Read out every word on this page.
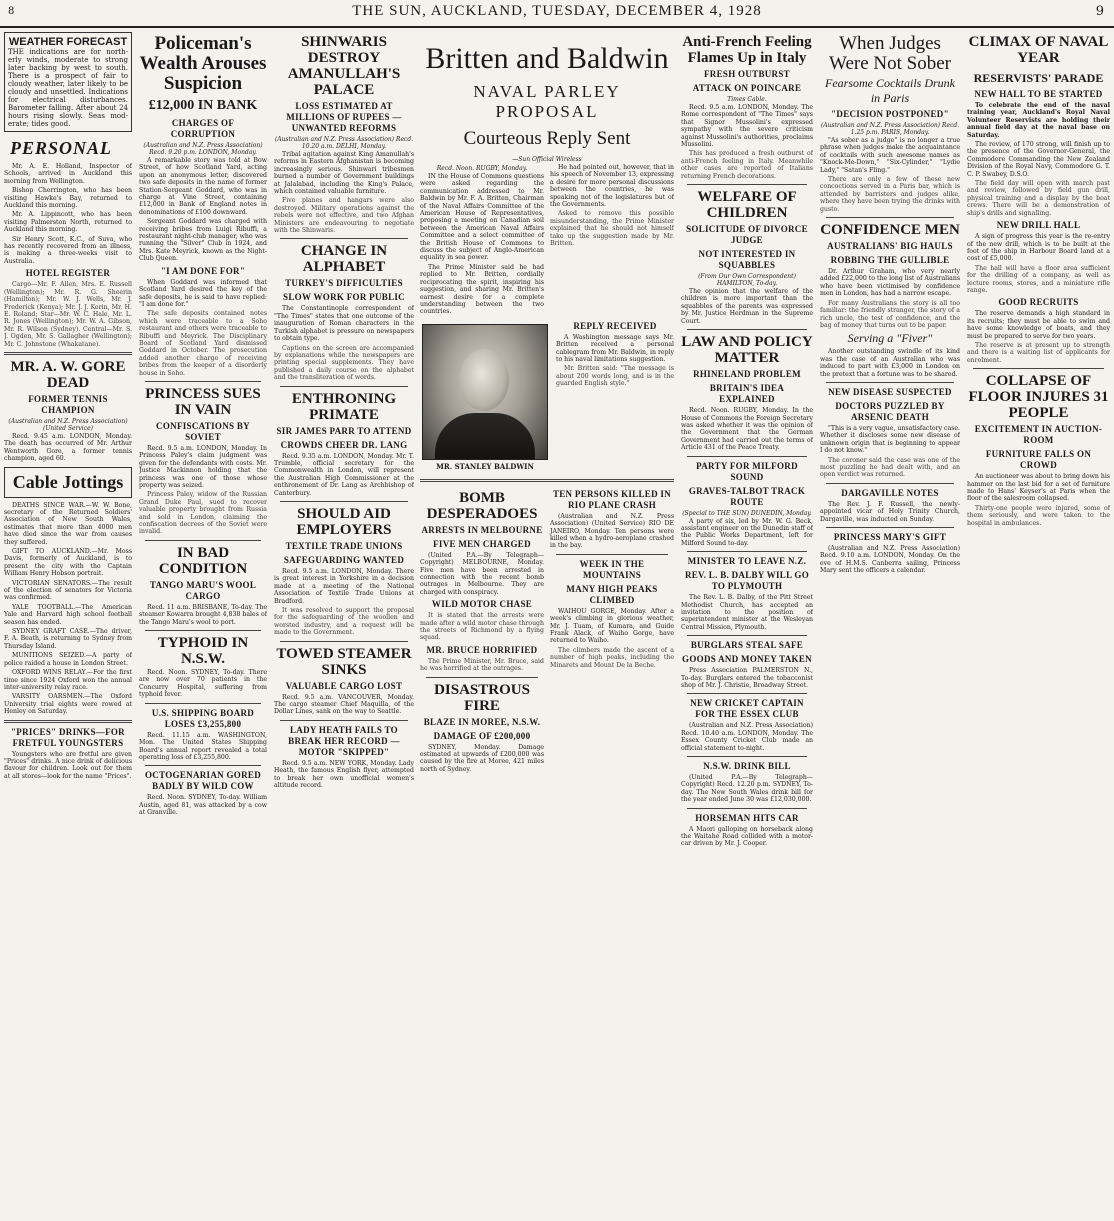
8	THE SUN, AUCKLAND, TUESDAY, DECEMBER 4, 1928	9
WEATHER FORECAST
THE indications are for north-erly winds, moderate to strong later backing by west to south. There is a prospect of fair to cloudy weather, later likely to be cloudy and unsettled. Indications for electrical disturbances. Barometer falling. After about 24 hours rising slowly. Seas mod-erate; tides good.
PERSONAL

Mr. A. E. Holland, Inspector of Schools, arrived in Auckland this morning from Wellington.

Bishop Cherrington, who has been visiting Hawke's Bay, returned to Auckland this morning.

Mr. A. Lippincott, who has been visiting Palmerston North, returned to Auckland this morning.

Sir Henry Scott, K.C., of Suva, who has recently recovered from an illness, is making a three-weeks visit to Australia.

HOTEL REGISTER

Cargo—Mr. F. Allen, Mrs. E. Russell (Wellington); Mr. R. G. Sheerin (Hamilton); Mr. W. J. Wells, Mr. J. Frederick (Kenya); Mr. J. J. Kerin, Mr. H. E. Roland; Star—Mr. W. C. Hale, Mr. L. R. Jones (Wellington); Mr. W. A. Gibson, Mr. R. Wilson (Sydney). Central—Mr. S. J. Ogden, Mr. S. Gallagher (Wellington); Mr. C. Johnstone (Whakatane).

MR. A. W. GORE DEAD
FORMER TENNIS CHAMPION
(Australian and N.Z. Press Association) (United Service)

Recd. 9.45 a.m. LONDON, Monday. The death has occurred of Mr. Arthur Wentworth Gore, a former tennis champion, aged 60.

Cable Jottings

DEATHS SINCE WAR.—W. W. Bone, secretary of the Returned Soldiers' Association of New South Wales, estimates that more than 4000 men have died since the war from causes they suffered.

GIFT TO AUCKLAND.—Mr. Moss Davis, formerly of Auckland, is to present the city with the Captain William Henry Hobson portrait.

VICTORIAN SENATORS.—The result of the election of senators for Victoria was confirmed.

YALE TOOTBALL.—The American Yale and Harvard high school football season has ended.

SYDNEY GRAFT CASE.—The driver, F. A. Beath, is returning to Sydney from Thursday Island.

MUNITIONS SEIZED.—A party of police raided a house in London Street.

OXFORD WINS RELAY.—For the first time since 1924 Oxford won the annual inter-university relay race.

VARSITY OARSMEN.—The Oxford University trial eights were rowed at Henley on Saturday.

"PRICES" DRINKS—FOR FRETFUL YOUNGSTERS

Youngsters who are fretful are given "Prices" drinks. A nice drink of delicious flavour for children. Look out for them at all stores—look for the name "Prices".

Policeman's Wealth Arouses Suspicion
£12,000 IN BANK
CHARGES OF CORRUPTION
(Australian and N.Z. Press Association) Recd. 9.20 p.m. LONDON, Monday.

A remarkable story was told at Bow Street, of how Scotland Yard, acting upon an anonymous letter, discovered two safe deposits in the name of former Station-Sergeant Goddard, who was in charge at Vine Street, containing £12,000 in Bank of England notes in denominations of £100 downward.

Sergeant Goddard was charged with receiving bribes from Luigi Ribuffi, a restaurant night-club manager, who was running the "Silver" Club in 1924, and Mrs. Kate Meyrick, known as the Night-Club Queen.

"I AM DONE FOR"

When Goddard was informed that Scotland Yard desired the key of the safe deposits, he is said to have replied: "I am done for."

The safe deposits contained notes which were traceable to a Soho restaurant and others were traceable to Ribuffi and Meyrick. The Disciplinary Board of Scotland Yard dismissed Goddard in October. The prosecution added another charge of receiving bribes from the keeper of a disorderly house in Soho.

PRINCESS SUES IN VAIN
CONFISCATIONS BY SOVIET

Recd. 9.5 a.m. LONDON, Monday. In Princess Paley's claim judgment was given for the defendants with costs. Mr. Justice Mackinnon holding that the princess was one of those whose property was seized.

Princess Paley, widow of the Russian Grand Duke Paul, sued to recover valuable property brought from Russia and sold in London, claiming the confiscation decrees of the Soviet were invalid.

IN BAD CONDITION
TANGO MARU'S WOOL CARGO

Recd. 11 a.m. BRISBANE, To-day. The steamer Kowarra brought 4,838 bales of the Tango Maru's wool to port.

TYPHOID IN N.S.W.

Recd. Noon. SYDNEY, To-day. There are now over 70 patients in the Concurry Hospital, suffering from typhoid fever.

U.S. SHIPPING BOARD LOSES £3,255,800

Recd. 11.15 a.m. WASHINGTON, Mon. The United States Shipping Board's annual report revealed a total operating loss of £3,255,800.

OCTOGENARIAN GORED BADLY BY WILD COW

Recd. Noon. SYDNEY, To-day. William Austin, aged 81, was attacked by a cow at Granville.

SHINWARIS DESTROY AMANULLAH'S PALACE
LOSS ESTIMATED AT MILLIONS OF RUPEES —UNWANTED REFORMS
(Australian and N.Z. Press Association) Recd. 10.20 a.m. DELHI, Monday.

Tribal agitation against King Amanullah's reforms in Eastern Afghanistan is becoming increasingly serious. Shinwari tribesmen burned a number of Government buildings at Jalalabad, including the King's Palace, which contained valuable furniture.

Five planes and hangars were also destroyed. Military operations against the rebels were not effective, and two Afghan Ministers are endeavouring to negotiate with the Shinwaris.

CHANGE IN ALPHABET
TURKEY'S DIFFICULTIES
SLOW WORK FOR PUBLIC

The Constantinople correspondent of "The Times" states that one outcome of the inauguration of Roman characters in the Turkish alphabet is pressure on newspapers to obtain type.

Captions on the screen are accompanied by explanations while the newspapers are printing special supplements. They have published a daily course on the alphabet and the transliteration of words.

ENTHRONING PRIMATE
SIR JAMES PARR TO ATTEND
CROWDS CHEER DR. LANG

Recd. 9.35 a.m. LONDON, Monday. Mr. T. Trumble, official secretary for the Commonwealth in London, will represent the Australian High Commissioner at the enthronement of Dr. Lang as Archbishop of Canterbury.

SHOULD AID EMPLOYERS
TEXTILE TRADE UNIONS
SAFEGUARDING WANTED

Recd. 9.5 a.m. LONDON, Monday. There is great interest in Yorkshire in a decision made at a meeting of the National Association of Textile Trade Unions at Bradford.

It was resolved to support the proposal for the safeguarding of the woollen and worsted industry, and a request will be made to the Government.

TOWED STEAMER SINKS
VALUABLE CARGO LOST

Recd. 9.5 a.m. VANCOUVER, Monday. The cargo steamer Chief Maquilla, of the Dollar Lines, sank on the way to Seattle.

LADY HEATH FAILS TO BREAK HER RECORD —MOTOR "SKIPPED"

Recd. 9.5 a.m. NEW YORK, Monday. Lady Heath, the famous English flyer, attempted to break her own unofficial women's altitude record.

Britten and Baldwin
NAVAL PARLEY PROPOSAL
Courteous Reply Sent
—Sun Official Wireless
Recd. Noon. RUGBY, Monday.

IN the House of Commons questions were asked regarding the communication addressed to Mr. Baldwin by Mr. F. A. Britten, Chairman of the Naval Affairs Committee of the American House of Representatives, proposing a meeting on Canadian soil between the American Naval Affairs Committee and a select committee of the British House of Commons to discuss the subject of Anglo-American equality in sea power.

The Prime Minister said he had replied to Mr. Britten, cordially reciprocating the spirit, inspiring his suggestion, and sharing Mr. Britten's earnest desire for a complete understanding between the two countries.

He had pointed out, however, that in his speech of November 13, expressing a desire for more personal discussions between the countries, he was speaking not of the legislatures but of the Governments.

Asked to remove this possible misunderstanding, the Prime Minister explained that he should not himself take up the suggestion made by Mr. Britten.

MR. STANLEY BALDWIN
REPLY RECEIVED

A Washington message says Mr. Britten received a personal cablegram from Mr. Baldwin, in reply to his naval limitations suggestion.

Mr. Britten said: "The message is about 200 words long, and is in the guarded English style."

BOMB DESPERADOES
ARRESTS IN MELBOURNE
FIVE MEN CHARGED

(United P.A.—By Telegraph—Copyright) MELBOURNE, Monday. Five men have been arrested in connection with the recent bomb outrages in Melbourne. They are charged with conspiracy.

WILD MOTOR CHASE

It is stated that the arrests were made after a wild motor chase through the streets of Richmond by a flying squad.

MR. BRUCE HORRIFIED

The Prime Minister, Mr. Bruce, said he was horrified at the outrages.

DISASTROUS FIRE
BLAZE IN MOREE, N.S.W.
DAMAGE OF £200,000

SYDNEY, Monday. Damage estimated at upwards of £200,000 was caused by the fire at Moree, 421 miles north of Sydney.

TEN PERSONS KILLED IN RIO PLANE CRASH

(Australian and N.Z. Press Association) (United Service) RIO DE JANEIRO, Monday. Ten persons were killed when a hydro-aeroplane crashed in the bay.

WEEK IN THE MOUNTAINS
MANY HIGH PEAKS CLIMBED

WAIHOU GORGE, Monday. After a week's climbing in glorious weather, Mr. J. Tuam, of Kumara, and Guide Frank Alack, of Waiho Gorge, have returned to Waiho.

The climbers made the ascent of a number of high peaks, including the Minarets and Mount De la Beche.

Anti-French Feeling Flames Up in Italy
FRESH OUTBURST
ATTACK ON POINCARE
Times Cable.

Recd. 9.5 a.m. LONDON, Monday. The Rome correspondent of "The Times" says that Signor Mussolini's expressed sympathy with the severe criticism against Mussolini's authorities, proclaims Mussolini.

This has produced a fresh outburst of anti-French feeling in Italy. Meanwhile other cases are reported of Italians returning French decorations.

WELFARE OF CHILDREN
SOLICITUDE OF DIVORCE JUDGE
NOT INTERESTED IN SQUABBLES
(From Our Own Correspondent) HAMILTON, To-day.

The opinion that the welfare of the children is more important than the squabbles of the parents was expressed by Mr. Justice Herdman in the Supreme Court.

LAW AND POLICY MATTER
RHINELAND PROBLEM
BRITAIN'S IDEA EXPLAINED

Recd. Noon. RUGBY, Monday. In the House of Commons the Foreign Secretary was asked whether it was the opinion of the Government that the German Government had carried out the terms of Article 431 of the Peace Treaty.

PARTY FOR MILFORD SOUND
GRAVES-TALBOT TRACK ROUTE
(Special to THE SUN) DUNEDIN, Monday.

A party of six, led by Mr. W. G. Beck, assistant engineer on the Dunedin staff of the Public Works Department, left for Milford Sound to-day.

MINISTER TO LEAVE N.Z.
REV. L. B. DALBY WILL GO TO PLYMOUTH

The Rev. L. B. Dalby, of the Pitt Street Methodist Church, has accepted an invitation to the position of superintendent minister at the Wesleyan Central Mission, Plymouth.

BURGLARS STEAL SAFE
GOODS AND MONEY TAKEN

Press Association PALMERSTON N., To-day. Burglars entered the tobacconist shop of Mr. J. Christie, Broadway Street.

NEW CRICKET CAPTAIN FOR THE ESSEX CLUB

(Australian and N.Z. Press Association) Recd. 10.40 a.m. LONDON, Monday. The Essex County Cricket Club made an official statement to-night.

N.S.W. DRINK BILL

(United P.A.—By Telegraph—Copyright) Recd. 12.20 p.m. SYDNEY, To-day. The New South Wales drink bill for the year ended June 30 was £12,030,000.

HORSEMAN HITS CAR

A Maori galloping on horseback along the Waitahe Road collided with a motor-car driven by Mr. J. Cooper.

When Judges Were Not Sober
Fearsome Cocktails Drunk in Paris
"DECISION POSTPONED"
(Australian and N.Z. Press Association) Recd. 1.25 p.m. PARIS, Monday.

"As sober as a judge" is no longer a true phrase when judges make the acquaintance of cocktails with such awesome names as "Knock-Me-Down," "Six-Cylinder," "Lydie Lady," "Satan's Fling."

There are only a few of these new concoctions served in a Paris bar, which is attended by barristers and judges alike, where they have been trying the drinks with gusto.

CONFIDENCE MEN
AUSTRALIANS' BIG HAULS
ROBBING THE GULLIBLE

Dr. Arthur Graham, who very nearly added £22,000 to the long list of Australians who have been victimised by confidence men in London, has had a narrow escape.

For many Australians the story is all too familiar: the friendly stranger, the story of a rich uncle, the test of confidence, and the bag of money that turns out to be paper.

Serving a "Fiver"

Another outstanding swindle of its kind was the case of an Australian who was induced to part with £3,000 in London on the pretext that a fortune was to be shared.

NEW DISEASE SUSPECTED
DOCTORS PUZZLED BY ARSENIC DEATH

"This is a very vague, unsatisfactory case. Whether it discloses some new disease of unknown origin that is beginning to appear I do not know."

The coroner said the case was one of the most puzzling he had dealt with, and an open verdict was returned.

DARGAVILLE NOTES

The Rev. J. F. Russell, the newly-appointed vicar of Holy Trinity Church, Dargaville, was inducted on Sunday.

PRINCESS MARY'S GIFT

(Australian and N.Z. Press Association) Recd. 9.10 a.m. LONDON, Monday. On the eve of H.M.S. Canberra sailing, Princess Mary sent the officers a calendar.

CLIMAX OF NAVAL YEAR
RESERVISTS' PARADE
NEW HALL TO BE STARTED

To celebrate the end of the naval training year, Auckland's Royal Naval Volunteer Reservists are holding their annual field day at the naval base on Saturday.

The review, of 170 strong, will finish up to the presence of the Governor-General, the Commodore Commanding the New Zealand Division of the Royal Navy, Commodore G. T. C. P. Swabey, D.S.O.

The field day will open with march past and review, followed by field gun drill, physical training and a display by the boat crews. There will be a demonstration of ship's drills and signalling.

NEW DRILL HALL

A sign of progress this year is the re-entry of the new drill, which is to be built at the foot of the ship in Harbour Board land at a cost of £5,000.

The hall will have a floor area sufficient for the drilling of a company, as well as lecture rooms, stores, and a miniature rifle range.

GOOD RECRUITS

The reserve demands a high standard in its recruits; they must be able to swim and have some knowledge of boats, and they must be prepared to serve for two years.

The reserve is at present up to strength and there is a waiting list of applicants for enrolment.

COLLAPSE OF FLOOR INJURES 31 PEOPLE
EXCITEMENT IN AUCTION-ROOM
FURNITURE FALLS ON CROWD

An auctioneer was about to bring down his hammer on the last bid for a set of furniture made to Hans' Keyser's at Paris when the floor of the salesroom collapsed.

Thirty-one people were injured, some of them seriously, and were taken to the hospital in ambulances.
